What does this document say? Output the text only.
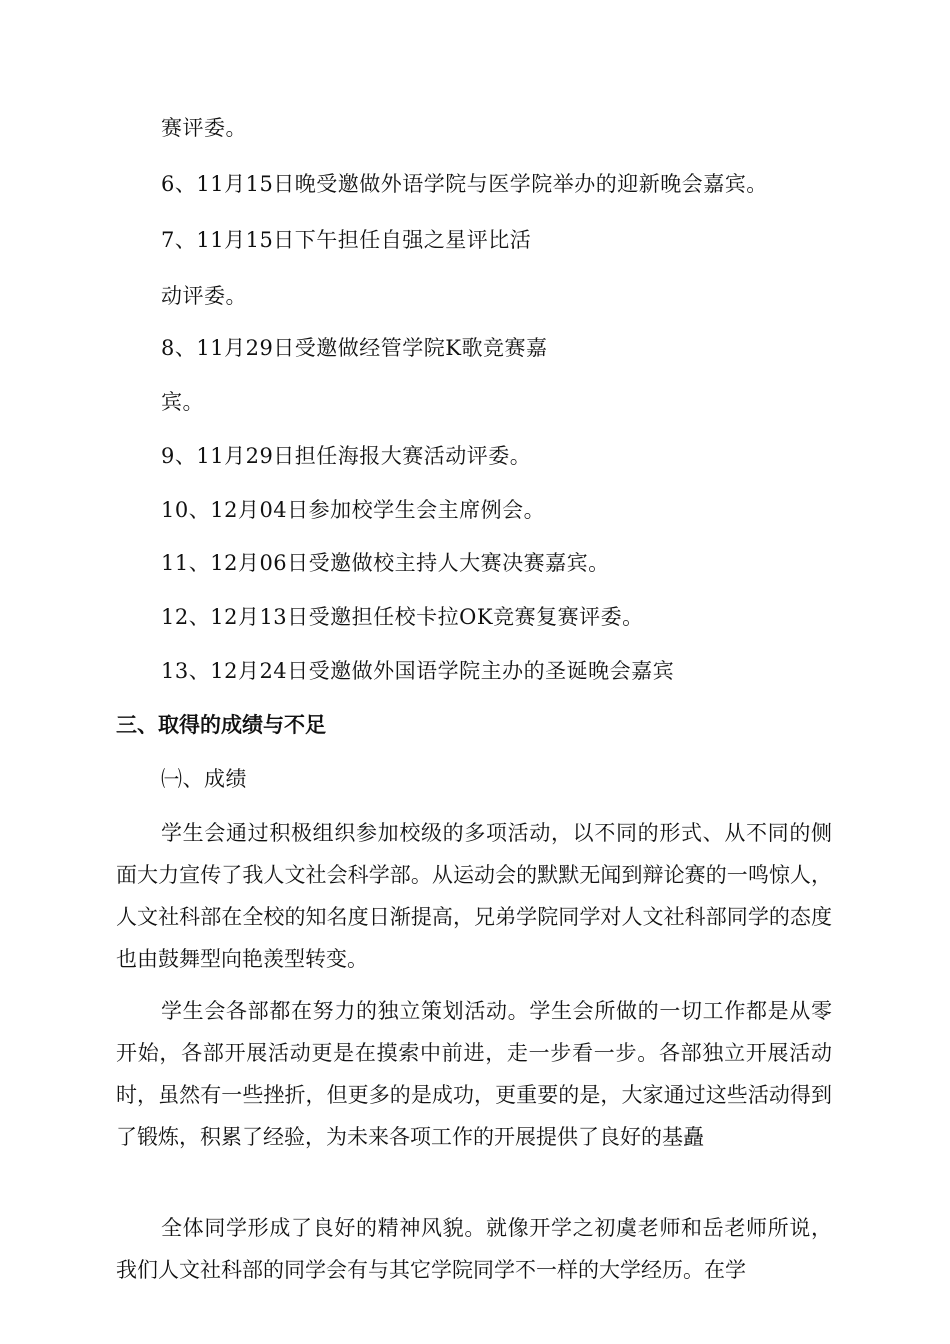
赛评委。
6、11月15日晚受邀做外语学院与医学院举办的迎新晚会嘉宾。
7、11月15日下午担任自强之星评比活
动评委。
8、11月29日受邀做经管学院K歌竞赛嘉
宾。
9、11月29日担任海报大赛活动评委。
10、12月04日参加校学生会主席例会。
11、12月06日受邀做校主持人大赛决赛嘉宾。
12、12月13日受邀担任校卡拉OK竞赛复赛评委。
13、12月24日受邀做外国语学院主办的圣诞晚会嘉宾
三、取得的成绩与不足
㈠、成绩

学生会通过积极组织参加校级的多项活动，以不同的形式、从不同的侧面大力宣传了我人文社会科学部。从运动会的默默无闻到辩论赛的一鸣惊人，人文社科部在全校的知名度日渐提高，兄弟学院同学对人文社科部同学的态度也由鼓舞型向艳羡型转变。

学生会各部都在努力的独立策划活动。学生会所做的一切工作都是从零开始，各部开展活动更是在摸索中前进，走一步看一步。各部独立开展活动时，虽然有一些挫折，但更多的是成功，更重要的是，大家通过这些活动得到了锻炼，积累了经验，为未来各项工作的开展提供了良好的基矗

全体同学形成了良好的精神风貌。就像开学之初虞老师和岳老师所说，我们人文社科部的同学会有与其它学院同学不一样的大学经历。在学
